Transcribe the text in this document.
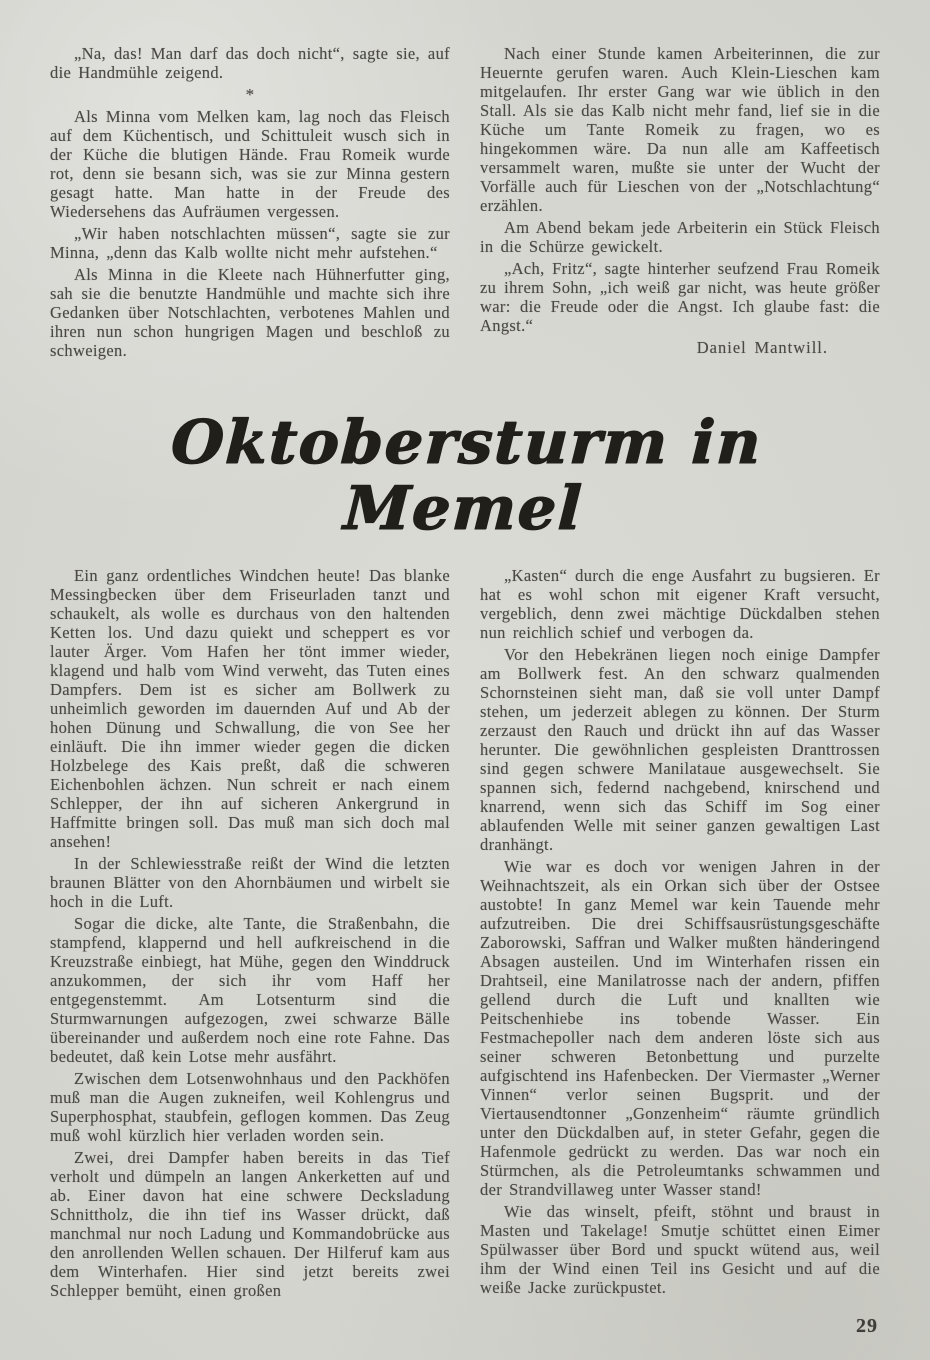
„Na, das! Man darf das doch nicht“, sagte sie, auf die Handmühle zeigend.

*

Als Minna vom Melken kam, lag noch das Fleisch auf dem Küchentisch, und Schittuleit wusch sich in der Küche die blutigen Hände. Frau Romeik wurde rot, denn sie besann sich, was sie zur Minna gestern gesagt hatte. Man hatte in der Freude des Wiedersehens das Aufräumen vergessen.

„Wir haben notschlachten müssen“, sagte sie zur Minna, „denn das Kalb wollte nicht mehr aufstehen.“

Als Minna in die Kleete nach Hühnerfutter ging, sah sie die benutzte Handmühle und machte sich ihre Gedanken über Notschlachten, verbotenes Mahlen und ihren nun schon hungrigen Magen und beschloß zu schweigen.

Nach einer Stunde kamen Arbeiterinnen, die zur Heuernte gerufen waren. Auch Klein-Lieschen kam mitgelaufen. Ihr erster Gang war wie üblich in den Stall. Als sie das Kalb nicht mehr fand, lief sie in die Küche um Tante Romeik zu fragen, wo es hingekommen wäre. Da nun alle am Kaffeetisch versammelt waren, mußte sie unter der Wucht der Vorfälle auch für Lieschen von der „Notschlachtung“ erzählen.

Am Abend bekam jede Arbeiterin ein Stück Fleisch in die Schürze gewickelt.

„Ach, Fritz“, sagte hinterher seufzend Frau Romeik zu ihrem Sohn, „ich weiß gar nicht, was heute größer war: die Freude oder die Angst. Ich glaube fast: die Angst.“

Daniel Mantwill.

Oktobersturm in Memel

Ein ganz ordentliches Windchen heute! Das blanke Messingbecken über dem Friseurladen tanzt und schaukelt, als wolle es durchaus von den haltenden Ketten los. Und dazu quiekt und scheppert es vor lauter Ärger. Vom Hafen her tönt immer wieder, klagend und halb vom Wind verweht, das Tuten eines Dampfers. Dem ist es sicher am Bollwerk zu unheimlich geworden im dauernden Auf und Ab der hohen Dünung und Schwallung, die von See her einläuft. Die ihn immer wieder gegen die dicken Holzbelege des Kais preßt, daß die schweren Eichenbohlen ächzen. Nun schreit er nach einem Schlepper, der ihn auf sicheren Ankergrund in Haffmitte bringen soll. Das muß man sich doch mal ansehen!

In der Schlewiesstraße reißt der Wind die letzten braunen Blätter von den Ahornbäumen und wirbelt sie hoch in die Luft.

Sogar die dicke, alte Tante, die Straßenbahn, die stampfend, klappernd und hell aufkreischend in die Kreuzstraße einbiegt, hat Mühe, gegen den Winddruck anzukommen, der sich ihr vom Haff her entgegenstemmt. Am Lotsenturm sind die Sturmwarnungen aufgezogen, zwei schwarze Bälle übereinander und außerdem noch eine rote Fahne. Das bedeutet, daß kein Lotse mehr ausfährt.

Zwischen dem Lotsenwohnhaus und den Packhöfen muß man die Augen zukneifen, weil Kohlengrus und Superphosphat, staubfein, geflogen kommen. Das Zeug muß wohl kürzlich hier verladen worden sein.

Zwei, drei Dampfer haben bereits in das Tief verholt und dümpeln an langen Ankerketten auf und ab. Einer davon hat eine schwere Decksladung Schnittholz, die ihn tief ins Wasser drückt, daß manchmal nur noch Ladung und Kommandobrücke aus den anrollenden Wellen schauen. Der Hilferuf kam aus dem Winterhafen. Hier sind jetzt bereits zwei Schlepper bemüht, einen großen

„Kasten“ durch die enge Ausfahrt zu bugsieren. Er hat es wohl schon mit eigener Kraft versucht, vergeblich, denn zwei mächtige Dückdalben stehen nun reichlich schief und verbogen da.

Vor den Hebekränen liegen noch einige Dampfer am Bollwerk fest. An den schwarz qualmenden Schornsteinen sieht man, daß sie voll unter Dampf stehen, um jederzeit ablegen zu können. Der Sturm zerzaust den Rauch und drückt ihn auf das Wasser herunter. Die gewöhnlichen gespleisten Dranttrossen sind gegen schwere Manilataue ausgewechselt. Sie spannen sich, federnd nachgebend, knirschend und knarrend, wenn sich das Schiff im Sog einer ablaufenden Welle mit seiner ganzen gewaltigen Last dranhängt.

Wie war es doch vor wenigen Jahren in der Weihnachtszeit, als ein Orkan sich über der Ostsee austobte! In ganz Memel war kein Tauende mehr aufzutreiben. Die drei Schiffsausrüstungsgeschäfte Zaborowski, Saffran und Walker mußten händeringend Absagen austeilen. Und im Winterhafen rissen ein Drahtseil, eine Manilatrosse nach der andern, pfiffen gellend durch die Luft und knallten wie Peitschenhiebe ins tobende Wasser. Ein Festmachepoller nach dem anderen löste sich aus seiner schweren Betonbettung und purzelte aufgischtend ins Hafenbecken. Der Viermaster „Werner Vinnen“ verlor seinen Bugsprit. und der Viertausendtonner „Gonzenheim“ räumte gründlich unter den Dückdalben auf, in steter Gefahr, gegen die Hafenmole gedrückt zu werden. Das war noch ein Stürmchen, als die Petroleumtanks schwammen und der Strandvillaweg unter Wasser stand!

Wie das winselt, pfeift, stöhnt und braust in Masten und Takelage! Smutje schüttet einen Eimer Spülwasser über Bord und spuckt wütend aus, weil ihm der Wind einen Teil ins Gesicht und auf die weiße Jacke zurückpustet.

29
